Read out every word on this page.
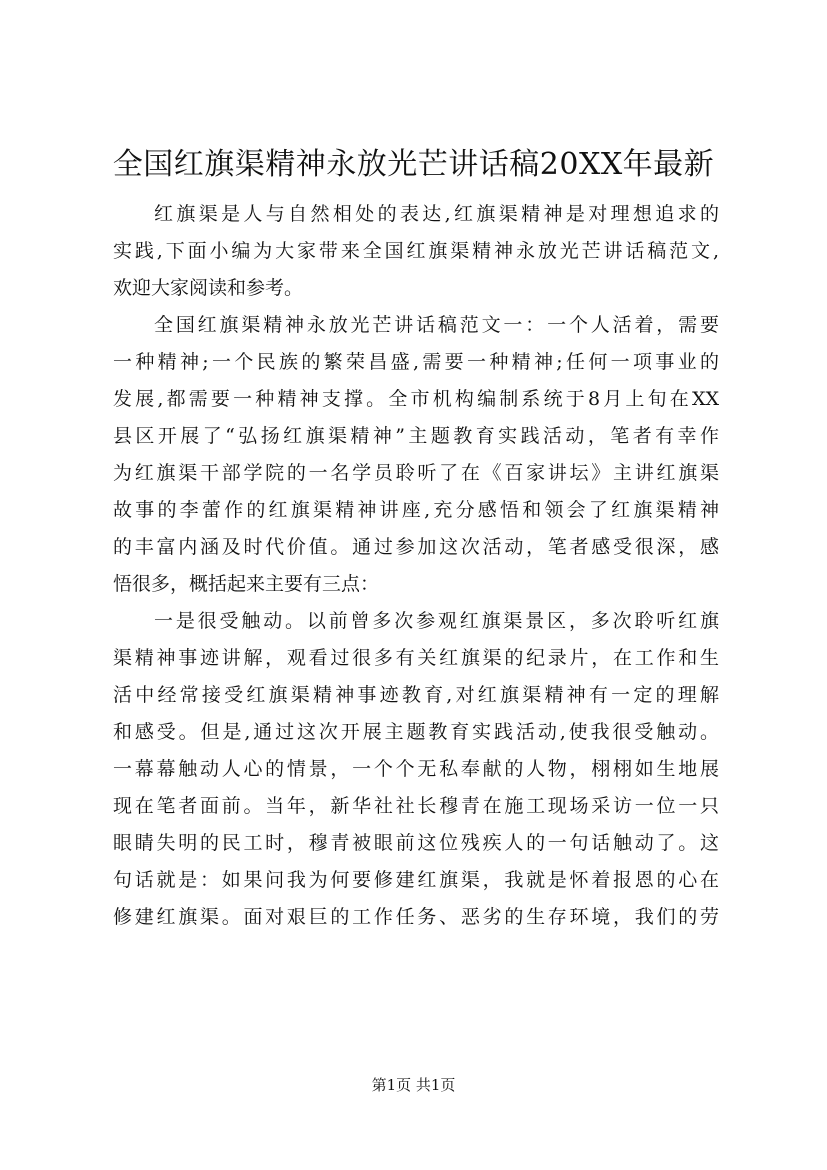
全国红旗渠精神永放光芒讲话稿20XX年最新
红旗渠是人与自然相处的表达,红旗渠精神是对理想追求的
实践,下面小编为大家带来全国红旗渠精神永放光芒讲话稿范文,
欢迎大家阅读和参考。
全国红旗渠精神永放光芒讲话稿范文一：一个人活着，需要
一种精神;一个民族的繁荣昌盛,需要一种精神;任何一项事业的
发展,都需要一种精神支撑。全市机构编制系统于8月上旬在XX
县区开展了“弘扬红旗渠精神”主题教育实践活动，笔者有幸作
为红旗渠干部学院的一名学员聆听了在《百家讲坛》主讲红旗渠
故事的李蕾作的红旗渠精神讲座,充分感悟和领会了红旗渠精神
的丰富内涵及时代价值。通过参加这次活动，笔者感受很深，感
悟很多，概括起来主要有三点：
一是很受触动。以前曾多次参观红旗渠景区，多次聆听红旗
渠精神事迹讲解，观看过很多有关红旗渠的纪录片，在工作和生
活中经常接受红旗渠精神事迹教育,对红旗渠精神有一定的理解
和感受。但是,通过这次开展主题教育实践活动,使我很受触动。
一幕幕触动人心的情景，一个个无私奉献的人物，栩栩如生地展
现在笔者面前。当年，新华社社长穆青在施工现场采访一位一只
眼睛失明的民工时，穆青被眼前这位残疾人的一句话触动了。这
句话就是：如果问我为何要修建红旗渠，我就是怀着报恩的心在
修建红旗渠。面对艰巨的工作任务、恶劣的生存环境，我们的劳
第1页 共1页
